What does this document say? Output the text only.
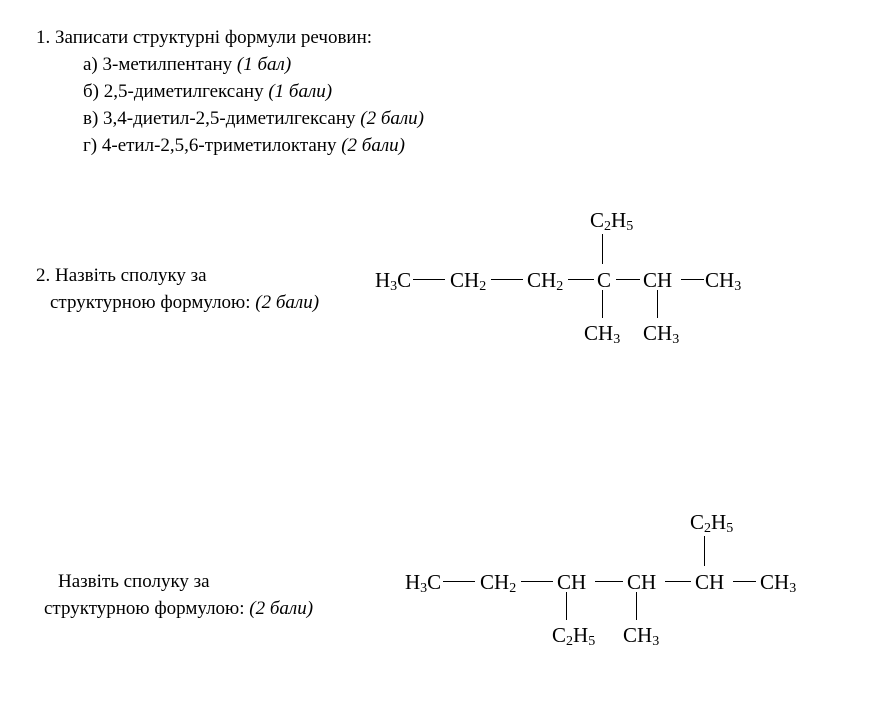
1. Записати структурні формули речовин:
а) 3-метилпентану (1 бал)
б) 2,5-диметилгексану (1 бали)
в) 3,4-диетил-2,5-диметилгексану (2 бали)
г) 4-етил-2,5,6-триметилоктану (2 бали)
2. Назвіть сполуку за
структурною формулою: (2 бали)
$H_3C$ $CH_2$ $CH_2$ C CH $CH_3$
$C_2H_5$
$CH_3$ $CH_3$
Назвіть сполуку за
структурною формулою: (2 бали)
$H_3C$ $CH_2$ CH CH CH $CH_3$
$C_2H_5$
$C_2H_5$ $CH_3$
